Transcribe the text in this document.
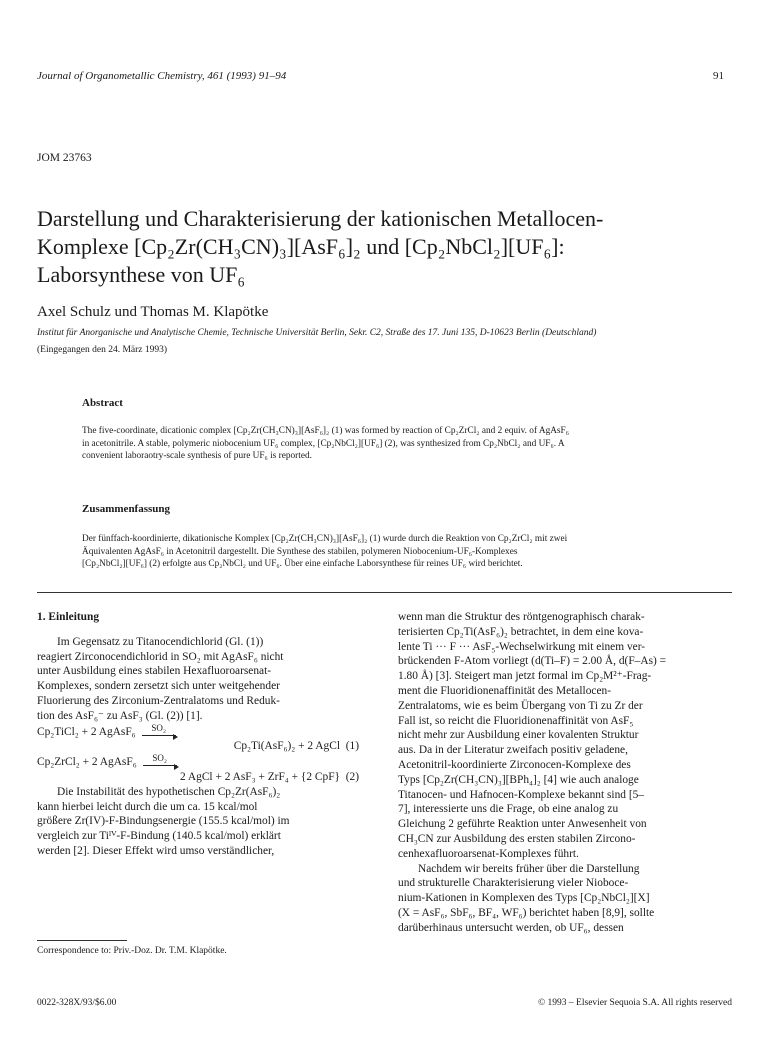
Journal of Organometallic Chemistry, 461 (1993) 91–94	91
JOM 23763
Darstellung und Charakterisierung der kationischen Metallocen-
Komplexe [Cp₂Zr(CH₃CN)₃][AsF₆]₂ und [Cp₂NbCl₂][UF₆]:
Laborsynthese von UF₆
Axel Schulz und Thomas M. Klapötke
Institut für Anorganische und Analytische Chemie, Technische Universität Berlin, Sekr. C2, Straße des 17. Juni 135, D-10623 Berlin (Deutschland)
(Eingegangen den 24. März 1993)
Abstract
The five-coordinate, dicationic complex [Cp₂Zr(CH₃CN)₃][AsF₆]₂ (1) was formed by reaction of Cp₂ZrCl₂ and 2 equiv. of AgAsF₆
in acetonitrile. A stable, polymeric niobocenium UF₆ complex, [Cp₂NbCl₂][UF₆] (2), was synthesized from Cp₂NbCl₂ and UF₆. A
convenient laboraotry-scale synthesis of pure UF₆ is reported.
Zusammenfassung
Der fünffach-koordinierte, dikationische Komplex [Cp₂Zr(CH₃CN)₃][AsF₆]₂ (1) wurde durch die Reaktion von Cp₂ZrCl₂ mit zwei
Äquivalenten AgAsF₆ in Acetonitril dargestellt. Die Synthese des stabilen, polymeren Niobocenium-UF₆-Komplexes
[Cp₂NbCl₂][UF₆] (2) erfolgte aus Cp₂NbCl₂ und UF₆. Über eine einfache Laborsynthese für reines UF₆ wird berichtet.
1. Einleitung
Im Gegensatz zu Titanocendichlorid (Gl. (1))
reagiert Zirconocendichlorid in SO₂ mit AgAsF₆ nicht
unter Ausbildung eines stabilen Hexafluoroarsenat-
Komplexes, sondern zersetzt sich unter weitgehender
Fluorierung des Zirconium-Zentralatoms und Reduk-
tion des AsF₆⁻ zu AsF₃ (Gl. (2)) [1].
Cp₂TiCl₂ + 2 AgAsF₆ SO₂
Cp₂Ti(AsF₆)₂ + 2 AgCl (1)
Cp₂ZrCl₂ + 2 AgAsF₆ SO₂
2 AgCl + 2 AsF₃ + ZrF₄ + {2 CpF} (2)
Die Instabilität des hypothetischen Cp₂Zr(AsF₆)₂
kann hierbei leicht durch die um ca. 15 kcal/mol
größere Zr(IV)-F-Bindungsenergie (155.5 kcal/mol) im
vergleich zur Tiᴵⱽ-F-Bindung (140.5 kcal/mol) erklärt
werden [2]. Dieser Effekt wird umso verständlicher,
wenn man die Struktur des röntgenographisch charak-
terisierten Cp₂Ti(AsF₆)₂ betrachtet, in dem eine kova-
lente Ti ··· F ··· AsF₅-Wechselwirkung mit einem ver-
brückenden F-Atom vorliegt (d(Ti–F) = 2.00 Å, d(F–As) =
1.80 Å) [3]. Steigert man jetzt formal im Cp₂M²⁺-Frag-
ment die Fluoridionenaffinität des Metallocen-
Zentralatoms, wie es beim Übergang von Ti zu Zr der
Fall ist, so reicht die Fluoridionenaffinität von AsF₅
nicht mehr zur Ausbildung einer kovalenten Struktur
aus. Da in der Literatur zweifach positiv geladene,
Acetonitril-koordinierte Zirconocen-Komplexe des
Typs [Cp₂Zr(CH₃CN)₃][BPh₄]₂ [4] wie auch analoge
Titanocen- und Hafnocen-Komplexe bekannt sind [5–
7], interessierte uns die Frage, ob eine analog zu
Gleichung 2 geführte Reaktion unter Anwesenheit von
CH₃CN zur Ausbildung des ersten stabilen Zircono-
cenhexafluoroarsenat-Komplexes führt.
Nachdem wir bereits früher über die Darstellung
und strukturelle Charakterisierung vieler Nioboce-
nium-Kationen in Komplexen des Typs [Cp₂NbCl₂][X]
(X = AsF₆, SbF₆, BF₄, WF₆) berichtet haben [8,9], sollte
darüberhinaus untersucht werden, ob UF₆, dessen
Correspondence to: Priv.-Doz. Dr. T.M. Klapötke.
0022-328X/93/$6.00	© 1993 – Elsevier Sequoia S.A. All rights reserved
